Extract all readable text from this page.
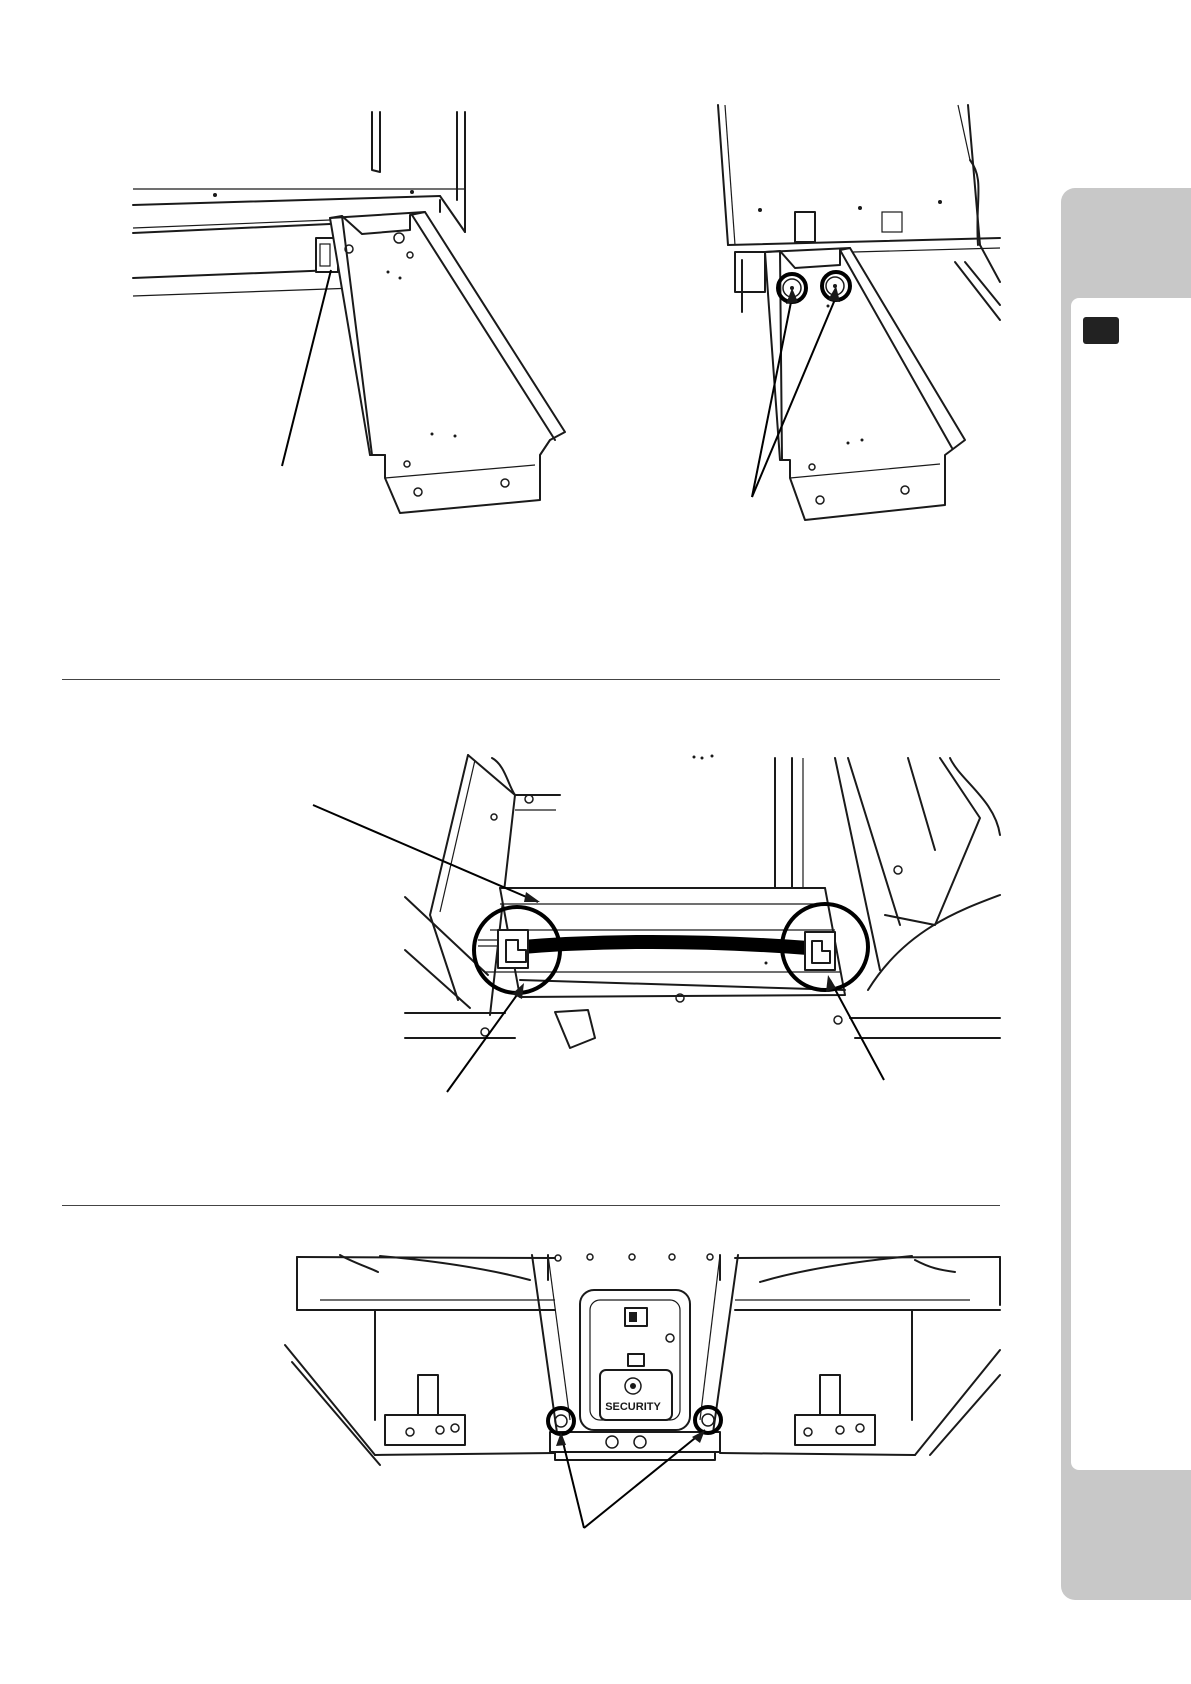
SECURITY
